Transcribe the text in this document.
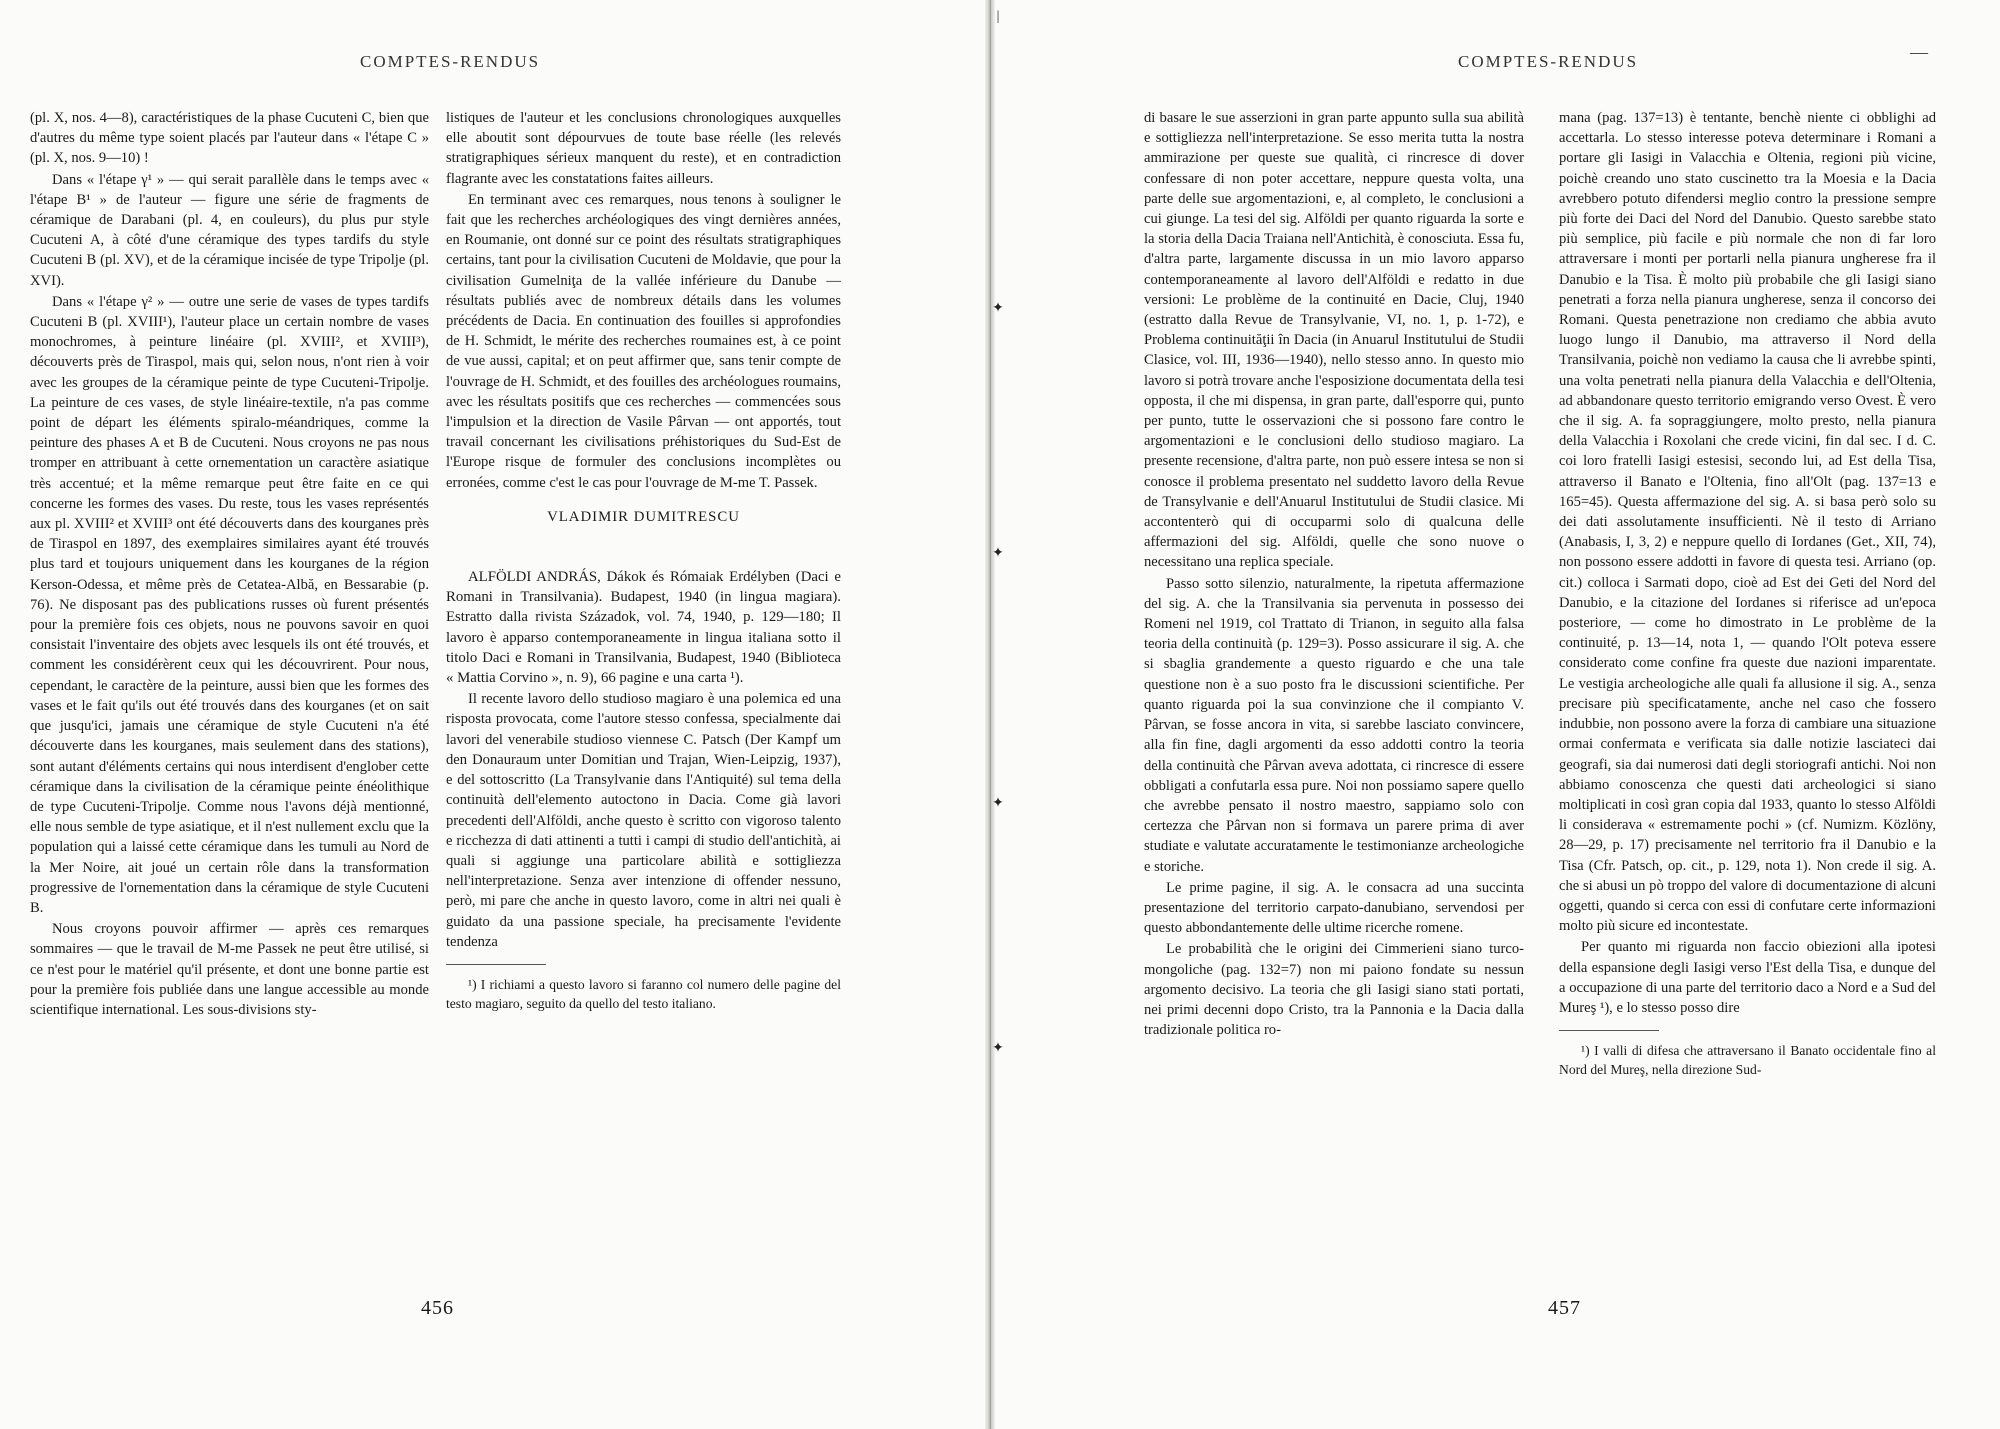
COMPTES-RENDUS

(pl. X, nos. 4—8), caractéristiques de la phase Cucuteni C, bien que d'autres du même type soient placés par l'auteur dans « l'étape C » (pl. X, nos. 9—10) !

Dans « l'étape γ¹ » — qui serait parallèle dans le temps avec « l'étape B¹ » de l'auteur — figure une série de fragments de céramique de Darabani (pl. 4, en couleurs), du plus pur style Cucuteni A, à côté d'une céramique des types tardifs du style Cucuteni B (pl. XV), et de la céramique incisée de type Tripolje (pl. XVI).

Dans « l'étape γ² » — outre une serie de vases de types tardifs Cucuteni B (pl. XVIII¹), l'auteur place un certain nombre de vases monochromes, à peinture linéaire (pl. XVIII², et XVIII³), découverts près de Tiraspol, mais qui, selon nous, n'ont rien à voir avec les groupes de la céramique peinte de type Cucuteni-Tripolje. La peinture de ces vases, de style linéaire-textile, n'a pas comme point de départ les éléments spiralo-méandriques, comme la peinture des phases A et B de Cucuteni. Nous croyons ne pas nous tromper en attribuant à cette ornementation un caractère asiatique très accentué; et la même remarque peut être faite en ce qui concerne les formes des vases. Du reste, tous les vases représentés aux pl. XVIII² et XVIII³ ont été découverts dans des kourganes près de Tiraspol en 1897, des exemplaires similaires ayant été trouvés plus tard et toujours uniquement dans les kourganes de la région Kerson-Odessa, et même près de Cetatea-Albă, en Bessarabie (p. 76). Ne disposant pas des publications russes où furent présentés pour la première fois ces objets, nous ne pouvons savoir en quoi consistait l'inventaire des objets avec lesquels ils ont été trouvés, et comment les considérèrent ceux qui les découvrirent. Pour nous, cependant, le caractère de la peinture, aussi bien que les formes des vases et le fait qu'ils out été trouvés dans des kourganes (et on sait que jusqu'ici, jamais une céramique de style Cucuteni n'a été découverte dans les kourganes, mais seulement dans des stations), sont autant d'éléments certains qui nous interdisent d'englober cette céramique dans la civilisation de la céramique peinte énéolithique de type Cucuteni-Tripolje. Comme nous l'avons déjà mentionné, elle nous semble de type asiatique, et il n'est nullement exclu que la population qui a laissé cette céramique dans les tumuli au Nord de la Mer Noire, ait joué un certain rôle dans la transformation progressive de l'ornementation dans la céramique de style Cucuteni B.

Nous croyons pouvoir affirmer — après ces remarques sommaires — que le travail de M-me Passek ne peut être utilisé, si ce n'est pour le matériel qu'il présente, et dont une bonne partie est pour la première fois publiée dans une langue accessible au monde scientifique international. Les sous-divisions sty-

listiques de l'auteur et les conclusions chronologiques auxquelles elle aboutit sont dépourvues de toute base réelle (les relevés stratigraphiques sérieux manquent du reste), et en contradiction flagrante avec les constatations faites ailleurs.

En terminant avec ces remarques, nous tenons à souligner le fait que les recherches archéologiques des vingt dernières années, en Roumanie, ont donné sur ce point des résultats stratigraphiques certains, tant pour la civilisation Cucuteni de Moldavie, que pour la civilisation Gumelniţa de la vallée inférieure du Danube — résultats publiés avec de nombreux détails dans les volumes précédents de Dacia. En continuation des fouilles si approfondies de H. Schmidt, le mérite des recherches roumaines est, à ce point de vue aussi, capital; et on peut affirmer que, sans tenir compte de l'ouvrage de H. Schmidt, et des fouilles des archéologues roumains, avec les résultats positifs que ces recherches — commencées sous l'impulsion et la direction de Vasile Pârvan — ont apportés, tout travail concernant les civilisations préhistoriques du Sud-Est de l'Europe risque de formuler des conclusions incomplètes ou erronées, comme c'est le cas pour l'ouvrage de M-me T. Passek.

VLADIMIR DUMITRESCU

ALFÖLDI ANDRÁS, Dákok és Rómaiak Erdélyben (Daci e Romani in Transilvania). Budapest, 1940 (in lingua magiara). Estratto dalla rivista Századok, vol. 74, 1940, p. 129—180; Il lavoro è apparso contemporaneamente in lingua italiana sotto il titolo Daci e Romani in Transilvania, Budapest, 1940 (Biblioteca « Mattia Corvino », n. 9), 66 pagine e una carta ¹).

Il recente lavoro dello studioso magiaro è una polemica ed una risposta provocata, come l'autore stesso confessa, specialmente dai lavori del venerabile studioso viennese C. Patsch (Der Kampf um den Donauraum unter Domitian und Trajan, Wien-Leipzig, 1937), e del sottoscritto (La Transylvanie dans l'Antiquité) sul tema della continuità dell'elemento autoctono in Dacia. Come già lavori precedenti dell'Alföldi, anche questo è scritto con vigoroso talento e ricchezza di dati attinenti a tutti i campi di studio dell'antichità, ai quali si aggiunge una particolare abilità e sottigliezza nell'interpretazione. Senza aver intenzione di offender nessuno, però, mi pare che anche in questo lavoro, come in altri nei quali è guidato da una passione speciale, ha precisamente l'evidente tendenza

¹) I richiami a questo lavoro si faranno col numero delle pagine del testo magiaro, seguito da quello del testo italiano.

456
|
✦
✦
✦
✦
COMPTES-RENDUS	—

di basare le sue asserzioni in gran parte appunto sulla sua abilità e sottigliezza nell'interpretazione. Se esso merita tutta la nostra ammirazione per queste sue qualità, ci rincresce di dover confessare di non poter accettare, neppure questa volta, una parte delle sue argomentazioni, e, al completo, le conclusioni a cui giunge. La tesi del sig. Alföldi per quanto riguarda la sorte e la storia della Dacia Traiana nell'Antichità, è conosciuta. Essa fu, d'altra parte, largamente discussa in un mio lavoro apparso contemporaneamente al lavoro dell'Alföldi e redatto in due versioni: Le problème de la continuité en Dacie, Cluj, 1940 (estratto dalla Revue de Transylvanie, VI, no. 1, p. 1-72), e Problema continuităţii în Dacia (in Anuarul Institutului de Studii Clasice, vol. III, 1936—1940), nello stesso anno. In questo mio lavoro si potrà trovare anche l'esposizione documentata della tesi opposta, il che mi dispensa, in gran parte, dall'esporre qui, punto per punto, tutte le osservazioni che si possono fare contro le argomentazioni e le conclusioni dello studioso magiaro. La presente recensione, d'altra parte, non può essere intesa se non si conosce il problema presentato nel suddetto lavoro della Revue de Transylvanie e dell'Anuarul Institutului de Studii clasice. Mi accontenterò qui di occuparmi solo di qualcuna delle affermazioni del sig. Alföldi, quelle che sono nuove o necessitano una replica speciale.

Passo sotto silenzio, naturalmente, la ripetuta affermazione del sig. A. che la Transilvania sia pervenuta in possesso dei Romeni nel 1919, col Trattato di Trianon, in seguito alla falsa teoria della continuità (p. 129=3). Posso assicurare il sig. A. che si sbaglia grandemente a questo riguardo e che una tale questione non è a suo posto fra le discussioni scientifiche. Per quanto riguarda poi la sua convinzione che il compianto V. Pârvan, se fosse ancora in vita, si sarebbe lasciato convincere, alla fin fine, dagli argomenti da esso addotti contro la teoria della continuità che Pârvan aveva adottata, ci rincresce di essere obbligati a confutarla essa pure. Noi non possiamo sapere quello che avrebbe pensato il nostro maestro, sappiamo solo con certezza che Pârvan non si formava un parere prima di aver studiate e valutate accuratamente le testimonianze archeologiche e storiche.

Le prime pagine, il sig. A. le consacra ad una succinta presentazione del territorio carpato-danubiano, servendosi per questo abbondantemente delle ultime ricerche romene.

Le probabilità che le origini dei Cimmerieni siano turco-mongoliche (pag. 132=7) non mi paiono fondate su nessun argomento decisivo. La teoria che gli Iasigi siano stati portati, nei primi decenni dopo Cristo, tra la Pannonia e la Dacia dalla tradizionale politica ro-

mana (pag. 137=13) è tentante, benchè niente ci obblighi ad accettarla. Lo stesso interesse poteva determinare i Romani a portare gli Iasigi in Valacchia e Oltenia, regioni più vicine, poichè creando uno stato cuscinetto tra la Moesia e la Dacia avrebbero potuto difendersi meglio contro la pressione sempre più forte dei Daci del Nord del Danubio. Questo sarebbe stato più semplice, più facile e più normale che non di far loro attraversare i monti per portarli nella pianura ungherese fra il Danubio e la Tisa. È molto più probabile che gli Iasigi siano penetrati a forza nella pianura ungherese, senza il concorso dei Romani. Questa penetrazione non crediamo che abbia avuto luogo lungo il Danubio, ma attraverso il Nord della Transilvania, poichè non vediamo la causa che li avrebbe spinti, una volta penetrati nella pianura della Valacchia e dell'Oltenia, ad abbandonare questo territorio emigrando verso Ovest. È vero che il sig. A. fa sopraggiungere, molto presto, nella pianura della Valacchia i Roxolani che crede vicini, fin dal sec. I d. C. coi loro fratelli Iasigi estesisi, secondo lui, ad Est della Tisa, attraverso il Banato e l'Oltenia, fino all'Olt (pag. 137=13 e 165=45). Questa affermazione del sig. A. si basa però solo su dei dati assolutamente insufficienti. Nè il testo di Arriano (Anabasis, I, 3, 2) e neppure quello di Iordanes (Get., XII, 74), non possono essere addotti in favore di questa tesi. Arriano (op. cit.) colloca i Sarmati dopo, cioè ad Est dei Geti del Nord del Danubio, e la citazione del Iordanes si riferisce ad un'epoca posteriore, — come ho dimostrato in Le problème de la continuité, p. 13—14, nota 1, — quando l'Olt poteva essere considerato come confine fra queste due nazioni imparentate. Le vestigia archeologiche alle quali fa allusione il sig. A., senza precisare più specificatamente, anche nel caso che fossero indubbie, non possono avere la forza di cambiare una situazione ormai confermata e verificata sia dalle notizie lasciateci dai geografi, sia dai numerosi dati degli storiografi antichi. Noi non abbiamo conoscenza che questi dati archeologici si siano moltiplicati in così gran copia dal 1933, quanto lo stesso Alföldi li considerava « estremamente pochi » (cf. Numizm. Közlöny, 28—29, p. 17) precisamente nel territorio fra il Danubio e la Tisa (Cfr. Patsch, op. cit., p. 129, nota 1). Non crede il sig. A. che si abusi un pò troppo del valore di documentazione di alcuni oggetti, quando si cerca con essi di confutare certe informazioni molto più sicure ed incontestate.

Per quanto mi riguarda non faccio obiezioni alla ipotesi della espansione degli Iasigi verso l'Est della Tisa, e dunque del a occupazione di una parte del territorio daco a Nord e a Sud del Mureş ¹), e lo stesso posso dire

¹) I valli di difesa che attraversano il Banato occidentale fino al Nord del Mureş, nella direzione Sud-

457
